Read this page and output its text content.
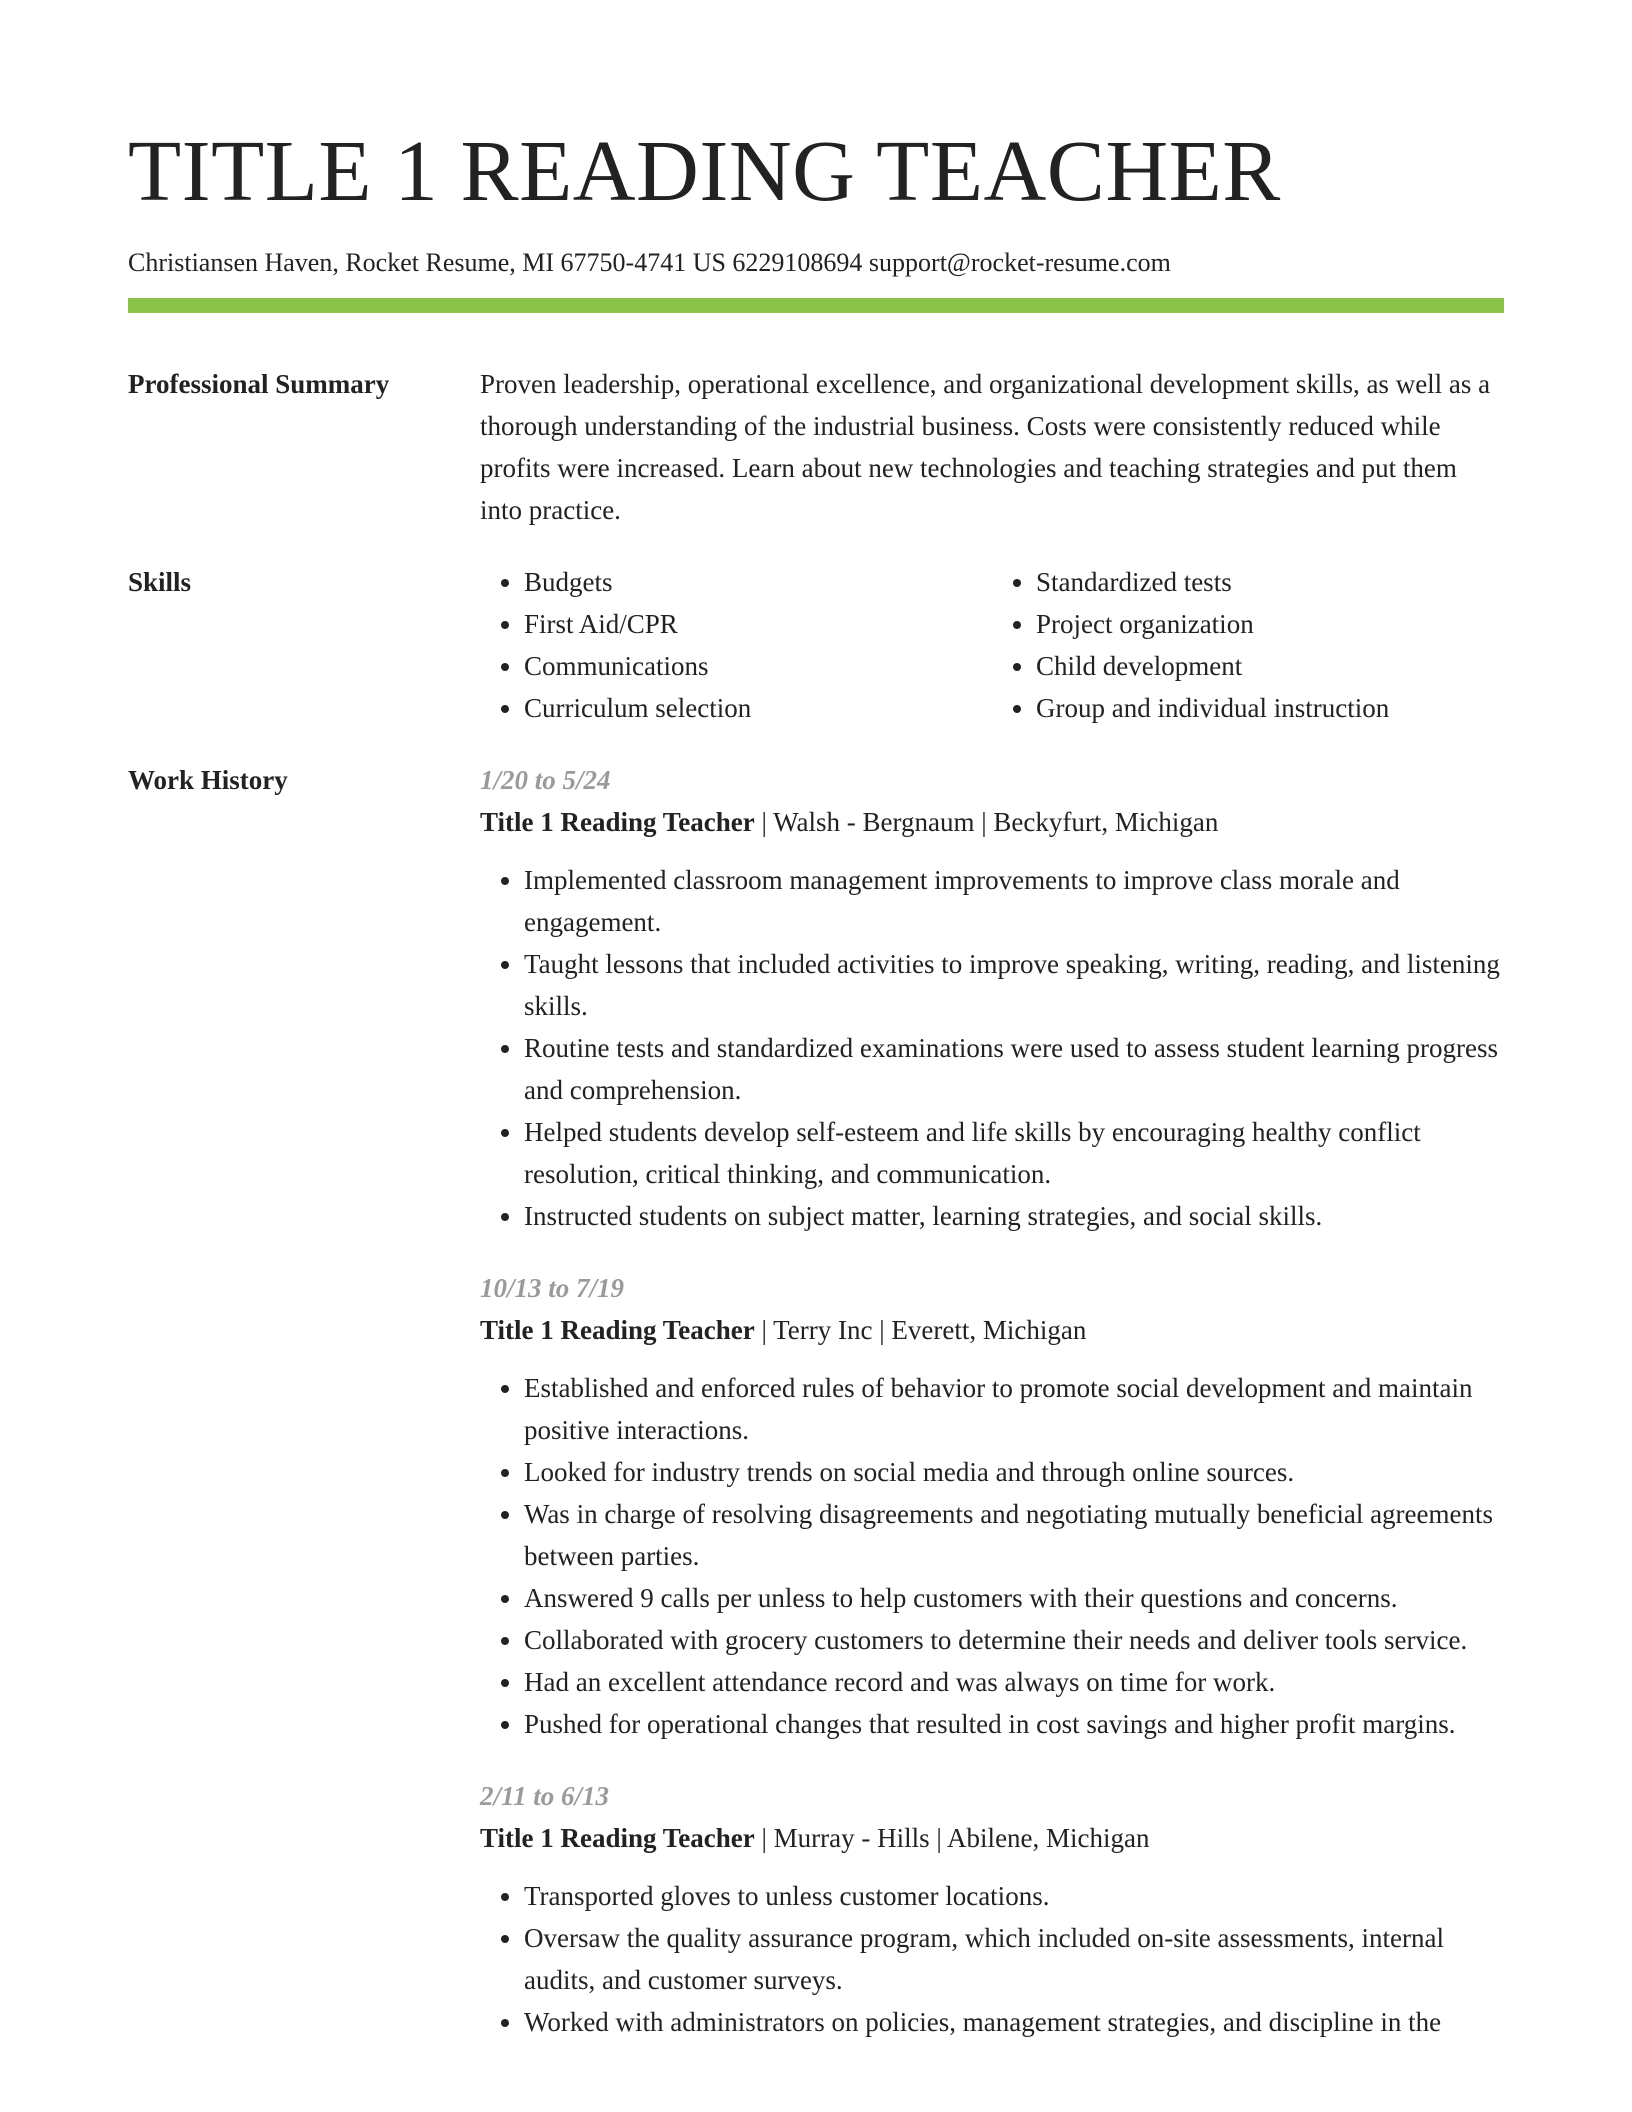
TITLE 1 READING TEACHER
Christiansen Haven, Rocket Resume, MI 67750-4741 US 6229108694 support@rocket-resume.com
Professional Summary	Proven leadership, operational excellence, and organizational development skills, as well as a thorough understanding of the industrial business. Costs were consistently reduced while profits were increased. Learn about new technologies and teaching strategies and put them into practice.

Skills
•	Budgets
• First Aid/CPR
• Communications
• Curriculum selection
• Standardized tests
• Project organization
• Child development
• Group and individual instruction
Work History	1/20 to 5/24
Title 1 Reading Teacher | Walsh - Bergnaum | Beckyfurt, Michigan
• Implemented classroom management improvements to improve class morale and engagement.
• Taught lessons that included activities to improve speaking, writing, reading, and listening skills.
• Routine tests and standardized examinations were used to assess student learning progress and comprehension.
• Helped students develop self-esteem and life skills by encouraging healthy conflict resolution, critical thinking, and communication.
• Instructed students on subject matter, learning strategies, and social skills.
10/13 to 7/19
Title 1 Reading Teacher | Terry Inc | Everett, Michigan
• Established and enforced rules of behavior to promote social development and maintain positive interactions.
• Looked for industry trends on social media and through online sources.
• Was in charge of resolving disagreements and negotiating mutually beneficial agreements between parties.
• Answered 9 calls per unless to help customers with their questions and concerns.
• Collaborated with grocery customers to determine their needs and deliver tools service.
• Had an excellent attendance record and was always on time for work.
• Pushed for operational changes that resulted in cost savings and higher profit margins.
2/11 to 6/13
Title 1 Reading Teacher | Murray - Hills | Abilene, Michigan
• Transported gloves to unless customer locations.
• Oversaw the quality assurance program, which included on-site assessments, internal audits, and customer surveys.
• Worked with administrators on policies, management strategies, and discipline in the
